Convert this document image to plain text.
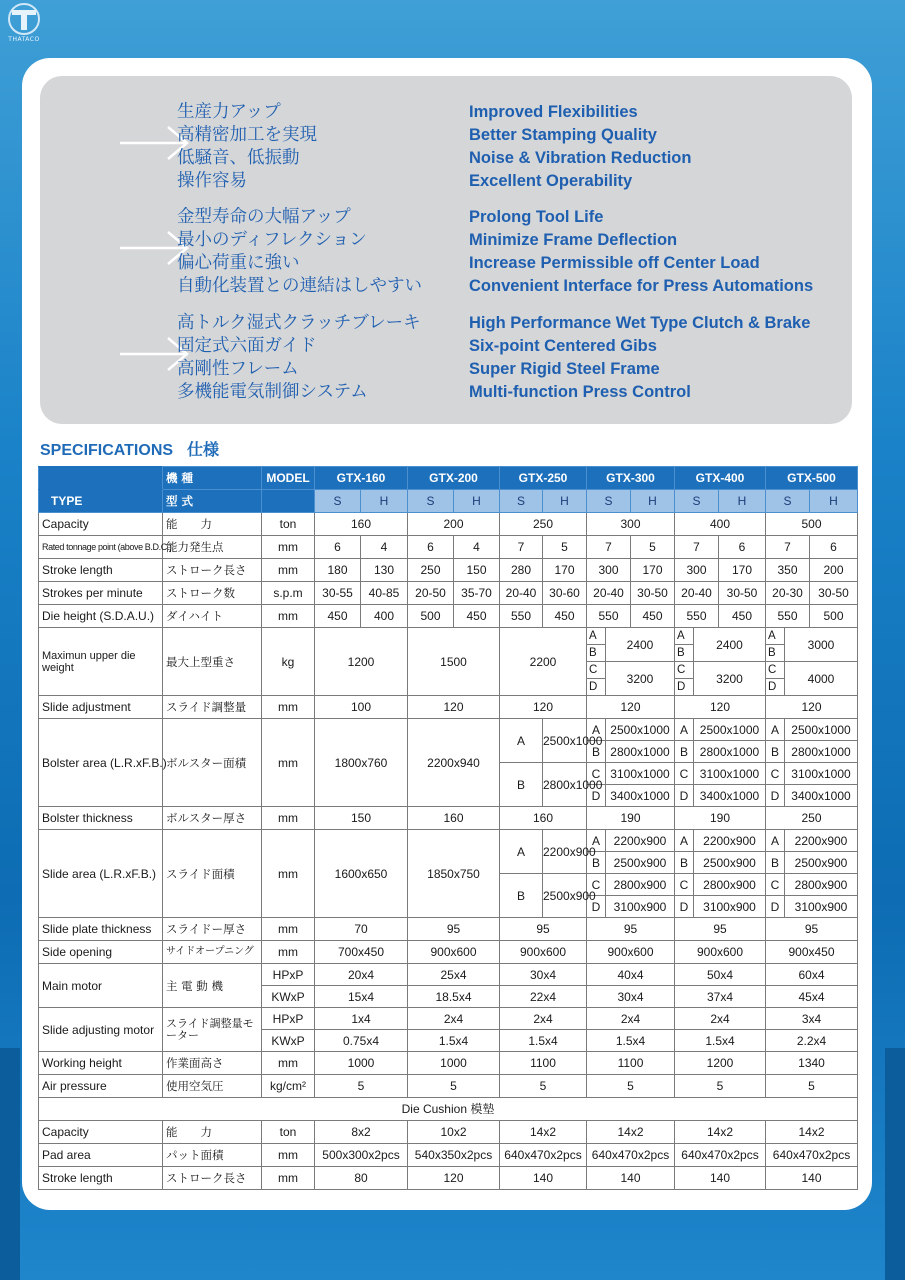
THATACO
生産力アップ
高精密加工を実現
低騒音、低振動
操作容易
Improved Flexibilities
Better Stamping Quality
Noise & Vibration Reduction
Excellent Operability
金型寿命の大幅アップ
最小のディフレクション
偏心荷重に強い
自動化装置との連結はしやすい
Prolong Tool Life
Minimize Frame Deflection
Increase Permissible off Center Load
Convenient Interface for Press Automations
高トルク湿式クラッチブレーキ
固定式六面ガイド
高剛性フレーム
多機能電気制御システム
High Performance Wet Type Clutch & Brake
Six-point Centered Gibs
Super Rigid Steel Frame
Multi-function Press Control
SPECIFICATIONS 仕様
	機 種	MODEL	GTX-160		GTX-200		GTX-250		GTX-300			GTX-400			GTX-500		
TYPE	型 式		S	H	S	H	S	H	S		H	S		H	S		H
Capacity	能　　力	ton	160		200		250		300			400			500		
Rated tonnage point (above B.D.C.)	能力発生点	mm	6	4	6	4	7	5	7		5	7		6	7		6
Stroke length	ストローク長さ	mm	180	130	250	150	280	170	300		170	300		170	350		200
Strokes per minute	ストローク数	s.p.m	30-55	40-85	20-50	35-70	20-40	30-60	20-40		30-50	20-40		30-50	20-30		30-50
Die height (S.D.A.U.)	ダイハイト	mm	450	400	500	450	550	450	550		450	550		450	550		500
Maximun upper die weight	最大上型重さ	kg	1200		1500		2200		A	2400		A	2400		A	3000	
									B			B			B		
									C	3200		C	3200		C	4000	
									D			D			D		
Slide adjustment	スライド調整量	mm	100		120		120		120			120			120		
Bolster area (L.R.xF.B.)	ボルスター面積	mm	1800x760		2200x940		A	2500x1000	A	2500x1000		A	2500x1000		A	2500x1000	
									B	2800x1000		B	2800x1000		B	2800x1000	
							B	2800x1000	C	3100x1000		C	3100x1000		C	3100x1000	
									D	3400x1000		D	3400x1000		D	3400x1000	
Bolster thickness	ボルスター厚さ	mm	150		160		160		190			190			250		
Slide area (L.R.xF.B.)	スライド面積	mm	1600x650		1850x750		A	2200x900	A	2200x900		A	2200x900		A	2200x900	
									B	2500x900		B	2500x900		B	2500x900	
							B	2500x900	C	2800x900		C	2800x900		C	2800x900	
									D	3100x900		D	3100x900		D	3100x900	
Slide plate thickness	スライドー厚さ	mm	70		95		95		95			95			95		
Side opening	サイドオープニング	mm	700x450		900x600		900x600		900x600			900x600			900x450		
Main motor	主 電 動 機	HPxP	20x4		25x4		30x4		40x4			50x4			60x4		
		KWxP	15x4		18.5x4		22x4		30x4			37x4			45x4		
Slide adjusting motor	スライド調整量モーター	HPxP	1x4		2x4		2x4		2x4			2x4			3x4		
		KWxP	0.75x4		1.5x4		1.5x4		1.5x4			1.5x4			2.2x4		
Working height	作業面高さ	mm	1000		1000		1100		1100			1200			1340		
Air pressure	使用空気圧	kg/cm²	5		5		5		5			5			5		
Die Cushion 模墊																	
Capacity	能　　力	ton	8x2		10x2		14x2		14x2			14x2			14x2		
Pad area	パット面積	mm	500x300x2pcs		540x350x2pcs		640x470x2pcs		640x470x2pcs			640x470x2pcs			640x470x2pcs		
Stroke length	ストローク長さ	mm	80		120		140		140			140			140		
